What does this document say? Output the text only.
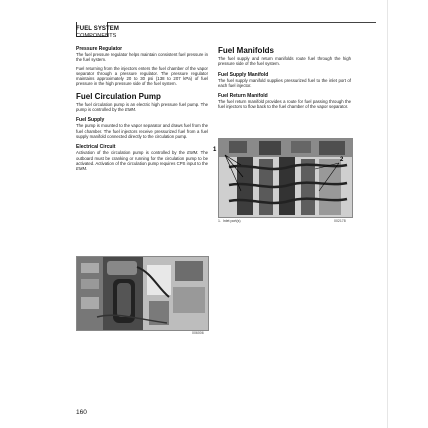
FUEL SYSTEM
COMPONENTS
Pressure Regulator

The fuel pressure regulator helps maintain consistent fuel pressure in the fuel system.

Fuel returning from the injectors enters the fuel chamber of the vapor separator through a pressure regulator. The pressure regulator maintains approximately 20 to 30 psi (138 to 207 kPa) of fuel pressure in the high pressure side of the fuel system.

Fuel Circulation Pump

The fuel circulation pump is an electric high pressure fuel pump. The pump is controlled by the EMM.

Fuel Supply

The pump is mounted to the vapor separator and draws fuel from the fuel chamber. The fuel injectors receive pressurized fuel from a fuel supply manifold connected directly to the circulation pump.

Electrical Circuit

Activation of the circulation pump is controlled by the EMM. The outboard must be cranking or running for the circulation pump to be activated. Activation of the circulation pump requires CPS input to the EMM.

006006
Fuel Manifolds

The fuel supply and return manifolds route fuel through the high pressure side of the fuel system.

Fuel Supply Manifold

The fuel supply manifold supplies pressurized fuel to the inlet port of each fuel injector.

Fuel Return Manifold

The fuel return manifold provides a route for fuel passing through the fuel injectors to flow back to the fuel chamber of the vapor separator.

1
2
1. Inlet port(s)	002178
160
